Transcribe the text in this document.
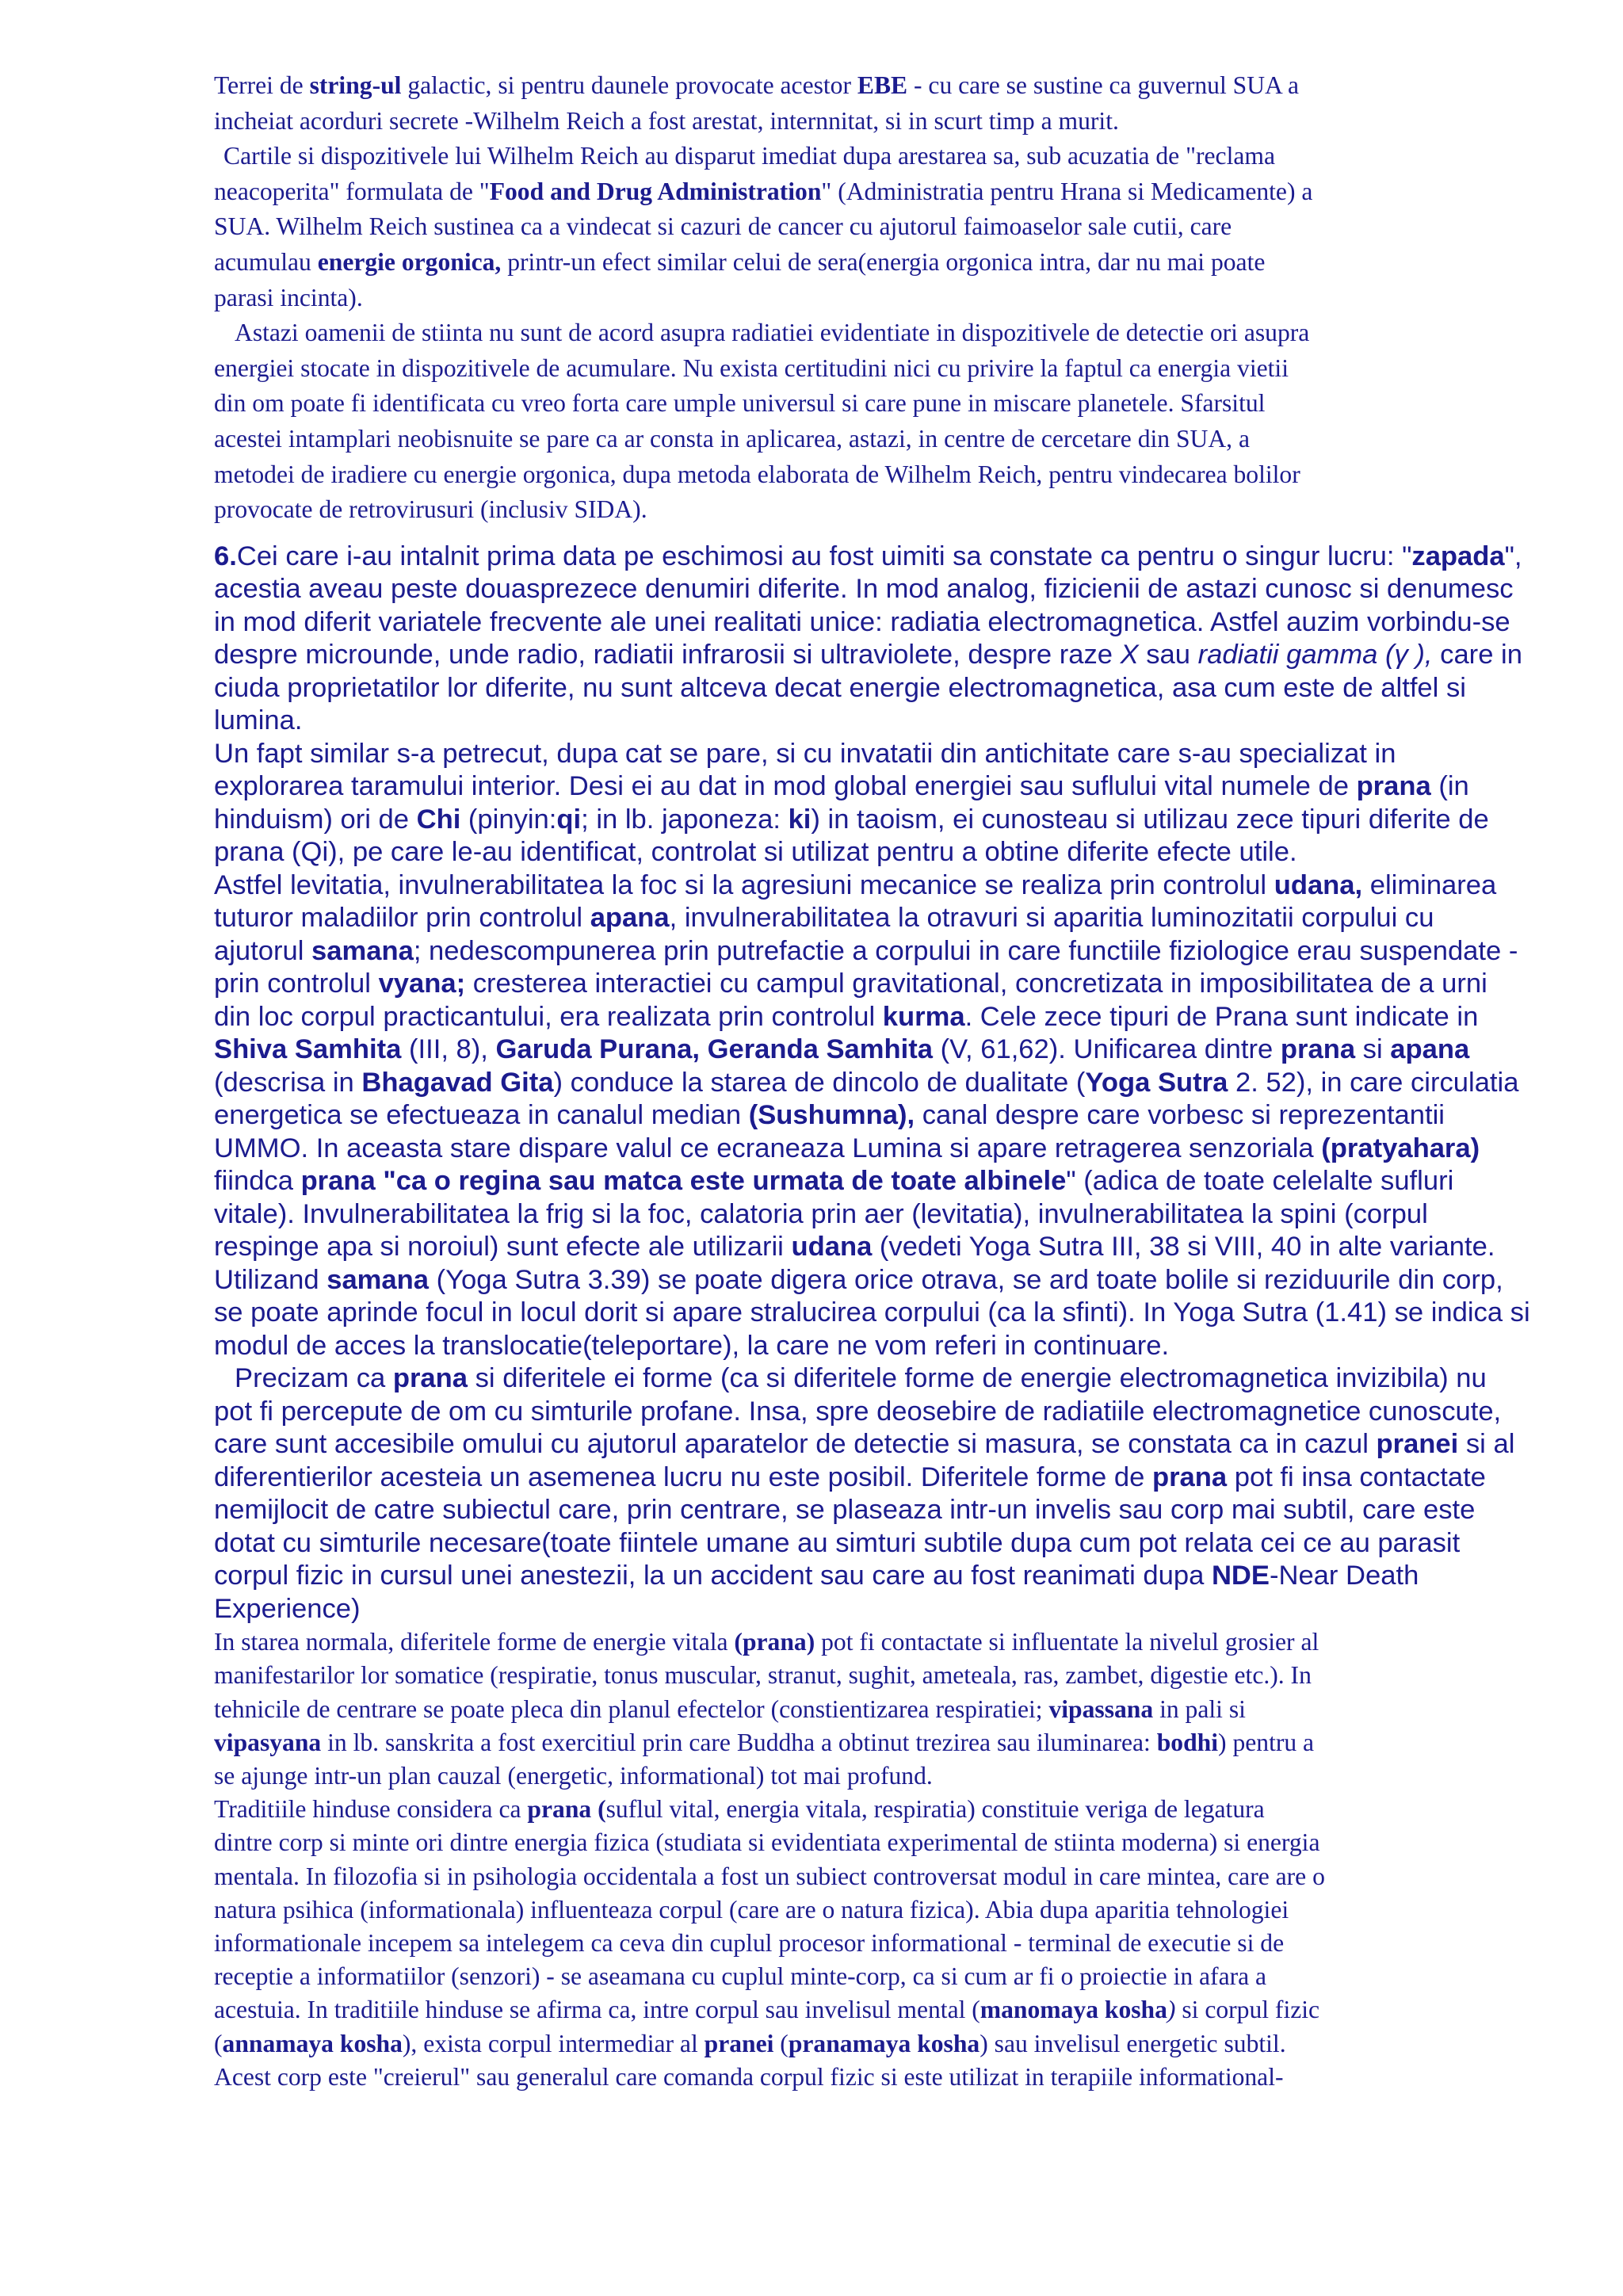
Terrei de string-ul galactic, si pentru daunele provocate acestor EBE - cu care se sustine ca guvernul SUA a
incheiat acorduri secrete -Wilhelm Reich a fost arestat, internnitat, si in scurt timp a murit.

Cartile si dispozitivele lui Wilhelm Reich au disparut imediat dupa arestarea sa, sub acuzatia de "reclama
neacoperita" formulata de "Food and Drug Administration" (Administratia pentru Hrana si Medicamente) a
SUA. Wilhelm Reich sustinea ca a vindecat si cazuri de cancer cu ajutorul faimoaselor sale cutii, care
acumulau energie orgonica, printr-un efect similar celui de sera(energia orgonica intra, dar nu mai poate
parasi incinta).

Astazi oamenii de stiinta nu sunt de acord asupra radiatiei evidentiate in dispozitivele de detectie ori asupra
energiei stocate in dispozitivele de acumulare. Nu exista certitudini nici cu privire la faptul ca energia vietii
din om poate fi identificata cu vreo forta care umple universul si care pune in miscare planetele. Sfarsitul
acestei intamplari neobisnuite se pare ca ar consta in aplicarea, astazi, in centre de cercetare din SUA, a
metodei de iradiere cu energie orgonica, dupa metoda elaborata de Wilhelm Reich, pentru vindecarea bolilor
provocate de retrovirusuri (inclusiv SIDA).

6.Cei care i-au intalnit prima data pe eschimosi au fost uimiti sa constate ca pentru o singur lucru: "zapada", acestia aveau peste douasprezece denumiri diferite. In mod analog, fizicienii de astazi cunosc si denumesc in mod diferit variatele frecvente ale unei realitati unice: radiatia electromagnetica. Astfel auzim vorbindu-se despre microunde, unde radio, radiatii infrarosii si ultraviolete, despre raze X sau radiatii gamma (γ ), care in ciuda proprietatilor lor diferite, nu sunt altceva decat energie electromagnetica, asa cum este de altfel si lumina.

Un fapt similar s-a petrecut, dupa cat se pare, si cu invatatii din antichitate care s-au specializat in explorarea taramului interior. Desi ei au dat in mod global energiei sau suflului vital numele de prana (in hinduism) ori de Chi (pinyin:qi; in lb. japoneza: ki) in taoism, ei cunosteau si utilizau zece tipuri diferite de prana (Qi), pe care le-au identificat, controlat si utilizat pentru a obtine diferite efecte utile.

Astfel levitatia, invulnerabilitatea la foc si la agresiuni mecanice se realiza prin controlul udana, eliminarea tuturor maladiilor prin controlul apana, invulnerabilitatea la otravuri si aparitia luminozitatii corpului cu ajutorul samana; nedescompunerea prin putrefactie a corpului in care functiile fiziologice erau suspendate - prin controlul vyana; cresterea interactiei cu campul gravitational, concretizata in imposibilitatea de a urni din loc corpul practicantului, era realizata prin controlul kurma. Cele zece tipuri de Prana sunt indicate in Shiva Samhita (III, 8), Garuda Purana, Geranda Samhita (V, 61,62). Unificarea dintre prana si apana (descrisa in Bhagavad Gita) conduce la starea de dincolo de dualitate (Yoga Sutra 2. 52), in care circulatia energetica se efectueaza in canalul median (Sushumna), canal despre care vorbesc si reprezentantii UMMO. In aceasta stare dispare valul ce ecraneaza Lumina si apare retragerea senzoriala (pratyahara) fiindca prana "ca o regina sau matca este urmata de toate albinele" (adica de toate celelalte sufluri vitale). Invulnerabilitatea la frig si la foc, calatoria prin aer (levitatia), invulnerabilitatea la spini (corpul respinge apa si noroiul) sunt efecte ale utilizarii udana (vedeti Yoga Sutra III, 38 si VIII, 40 in alte variante. Utilizand samana (Yoga Sutra 3.39) se poate digera orice otrava, se ard toate bolile si reziduurile din corp, se poate aprinde focul in locul dorit si apare stralucirea corpului (ca la sfinti). In Yoga Sutra (1.41) se indica si modul de acces la translocatie(teleportare), la care ne vom referi in continuare.

Precizam ca prana si diferitele ei forme (ca si diferitele forme de energie electromagnetica invizibila) nu pot fi percepute de om cu simturile profane. Insa, spre deosebire de radiatiile electromagnetice cunoscute, care sunt accesibile omului cu ajutorul aparatelor de detectie si masura, se constata ca in cazul pranei si al diferentierilor acesteia un asemenea lucru nu este posibil. Diferitele forme de prana pot fi insa contactate nemijlocit de catre subiectul care, prin centrare, se plaseaza intr-un invelis sau corp mai subtil, care este dotat cu simturile necesare(toate fiintele umane au simturi subtile dupa cum pot relata cei ce au parasit corpul fizic in cursul unei anestezii, la un accident sau care au fost reanimati dupa NDE-Near Death Experience)

In starea normala, diferitele forme de energie vitala (prana) pot fi contactate si influentate la nivelul grosier al
manifestarilor lor somatice (respiratie, tonus muscular, stranut, sughit, ameteala, ras, zambet, digestie etc.). In
tehnicile de centrare se poate pleca din planul efectelor (constientizarea respiratiei; vipassana in pali si
vipasyana in lb. sanskrita a fost exercitiul prin care Buddha a obtinut trezirea sau iluminarea: bodhi) pentru a
se ajunge intr-un plan cauzal (energetic, informational) tot mai profund.

Traditiile hinduse considera ca prana (suflul vital, energia vitala, respiratia) constituie veriga de legatura
dintre corp si minte ori dintre energia fizica (studiata si evidentiata experimental de stiinta moderna) si energia
mentala. In filozofia si in psihologia occidentala a fost un subiect controversat modul in care mintea, care are o
natura psihica (informationala) influenteaza corpul (care are o natura fizica). Abia dupa aparitia tehnologiei
informationale incepem sa intelegem ca ceva din cuplul procesor informational - terminal de executie si de
receptie a informatiilor (senzori) - se aseamana cu cuplul minte-corp, ca si cum ar fi o proiectie in afara a
acestuia. In traditiile hinduse se afirma ca, intre corpul sau invelisul mental (manomaya kosha) si corpul fizic
(annamaya kosha), exista corpul intermediar al pranei (pranamaya kosha) sau invelisul energetic subtil.
Acest corp este "creierul" sau generalul care comanda corpul fizic si este utilizat in terapiile informational-
